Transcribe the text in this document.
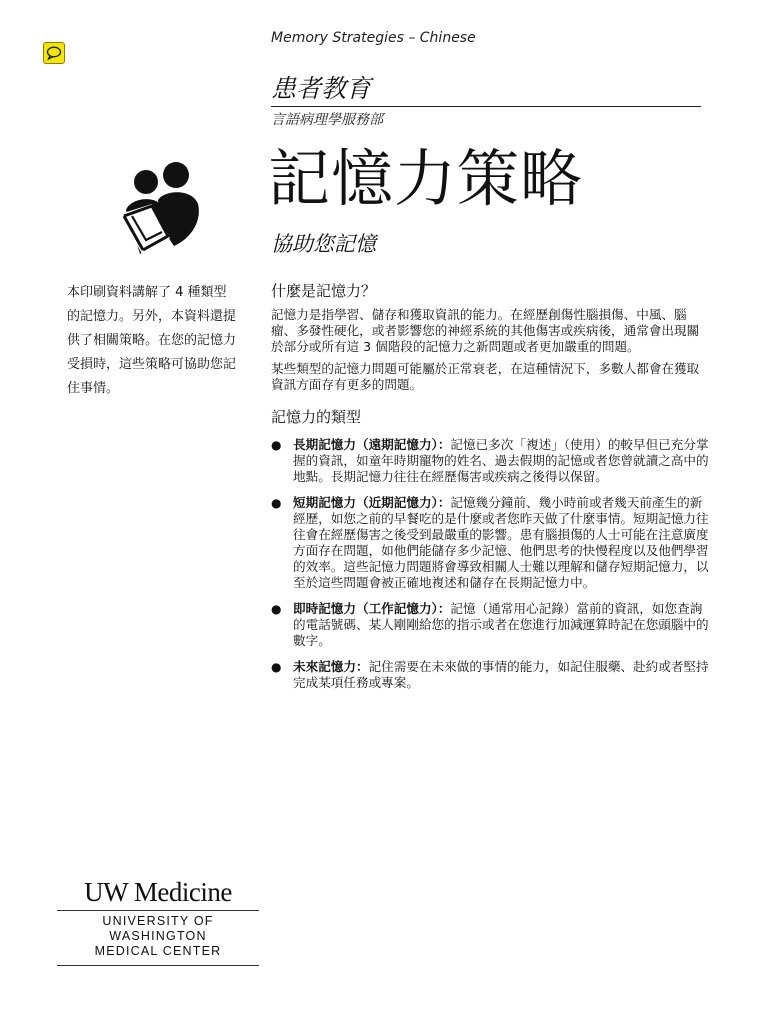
Memory Strategies – Chinese
患者教育
言語病理學服務部
記憶力策略
協助您記憶
本印刷資料講解了 4 種類型的記憶力。另外，本資料還提供了相關策略。在您的記憶力受損時，這些策略可協助您記住事情。
什麼是記憶力？

記憶力是指學習、儲存和獲取資訊的能力。在經歷創傷性腦損傷、中風、腦瘤、多發性硬化，或者影響您的神經系統的其他傷害或疾病後，通常會出現關於部分或所有這 3 個階段的記憶力之新問題或者更加嚴重的問題。

某些類型的記憶力問題可能屬於正常衰老，在這種情況下，多數人都會在獲取資訊方面存有更多的問題。

記憶力的類型
● 長期記憶力（遠期記憶力）：記憶已多次「複述」（使用）的較早但已充分掌握的資訊，如童年時期寵物的姓名、過去假期的記憶或者您曾就讀之高中的地點。長期記憶力往往在經歷傷害或疾病之後得以保留。
● 短期記憶力（近期記憶力）：記憶幾分鐘前、幾小時前或者幾天前產生的新經歷，如您之前的早餐吃的是什麼或者您昨天做了什麼事情。短期記憶力往往會在經歷傷害之後受到最嚴重的影響。患有腦損傷的人士可能在注意廣度方面存在問題，如他們能儲存多少記憶、他們思考的快慢程度以及他們學習的效率。這些記憶力問題將會導致相關人士難以理解和儲存短期記憶力，以至於這些問題會被正確地複述和儲存在長期記憶力中。
● 即時記憶力（工作記憶力）：記憶（通常用心記錄）當前的資訊，如您查詢的電話號碼、某人剛剛給您的指示或者在您進行加減運算時記在您頭腦中的數字。
● 未來記憶力：記住需要在未來做的事情的能力，如記住服藥、赴約或者堅持完成某項任務或專案。
UW Medicine
UNIVERSITY OF WASHINGTON
MEDICAL CENTER
